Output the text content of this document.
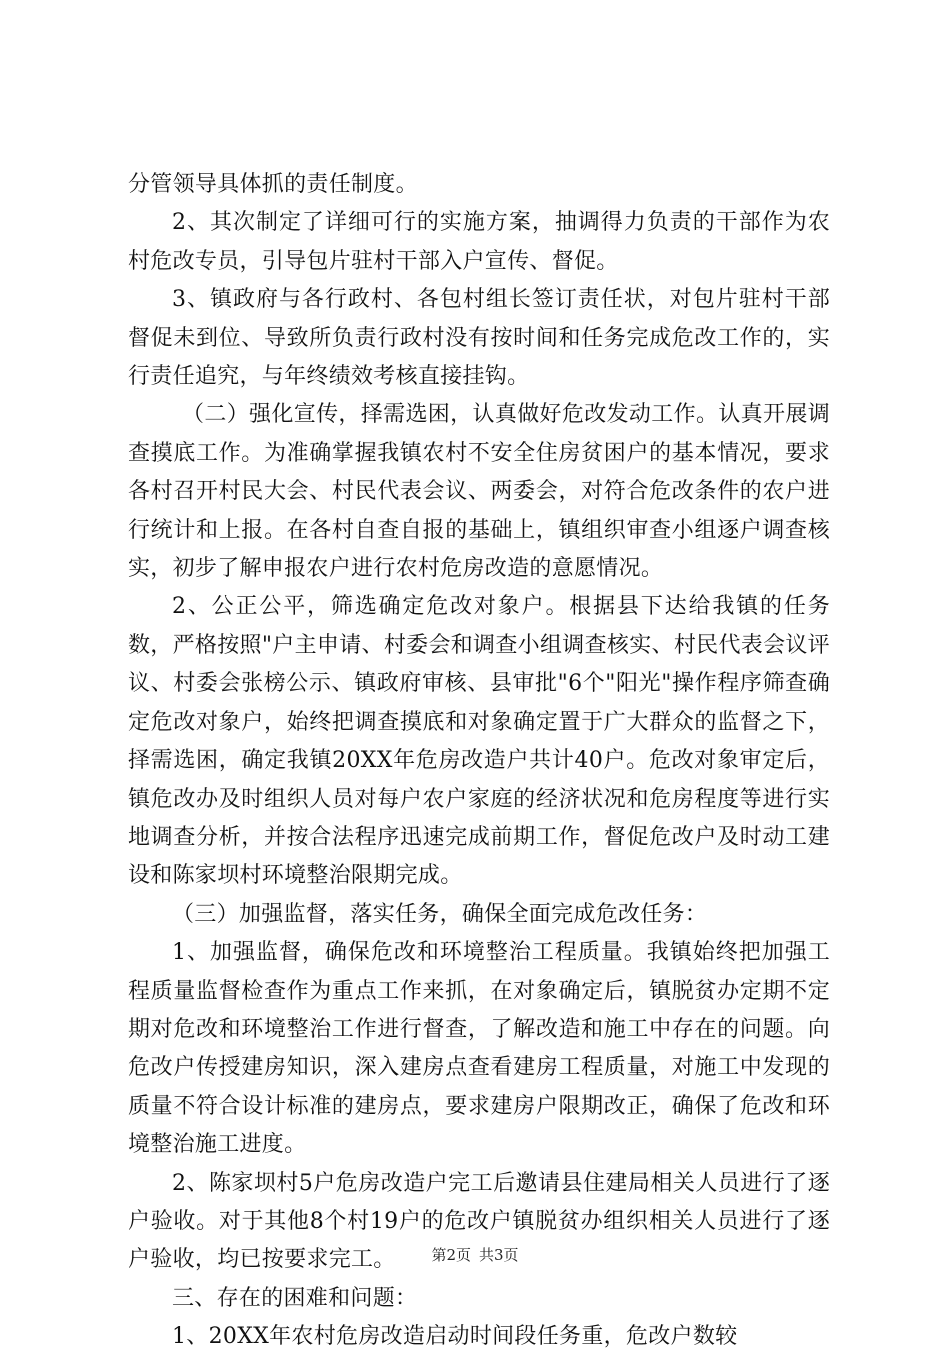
分管领导具体抓的责任制度。

2、其次制定了详细可行的实施方案，抽调得力负责的干部作为农村危改专员，引导包片驻村干部入户宣传、督促。

3、镇政府与各行政村、各包村组长签订责任状，对包片驻村干部督促未到位、导致所负责行政村没有按时间和任务完成危改工作的，实行责任追究，与年终绩效考核直接挂钩。

（二）强化宣传，择需选困，认真做好危改发动工作。认真开展调查摸底工作。为准确掌握我镇农村不安全住房贫困户的基本情况，要求各村召开村民大会、村民代表会议、两委会，对符合危改条件的农户进行统计和上报。在各村自查自报的基础上，镇组织审查小组逐户调查核实，初步了解申报农户进行农村危房改造的意愿情况。

2、公正公平，筛选确定危改对象户。根据县下达给我镇的任务数，严格按照"户主申请、村委会和调查小组调查核实、村民代表会议评议、村委会张榜公示、镇政府审核、县审批"6个"阳光"操作程序筛查确定危改对象户，始终把调查摸底和对象确定置于广大群众的监督之下，择需选困，确定我镇20XX年危房改造户共计40户。危改对象审定后，镇危改办及时组织人员对每户农户家庭的经济状况和危房程度等进行实地调查分析，并按合法程序迅速完成前期工作，督促危改户及时动工建设和陈家坝村环境整治限期完成。

（三）加强监督，落实任务，确保全面完成危改任务：

1、加强监督，确保危改和环境整治工程质量。我镇始终把加强工程质量监督检查作为重点工作来抓，在对象确定后，镇脱贫办定期不定期对危改和环境整治工作进行督查，了解改造和施工中存在的问题。向危改户传授建房知识，深入建房点查看建房工程质量，对施工中发现的质量不符合设计标准的建房点，要求建房户限期改正，确保了危改和环境整治施工进度。

2、陈家坝村5户危房改造户完工后邀请县住建局相关人员进行了逐户验收。对于其他8个村19户的危改户镇脱贫办组织相关人员进行了逐户验收，均已按要求完工。

三、存在的困难和问题：

1、20XX年农村危房改造启动时间段任务重，危改户数较

第2页 共3页
